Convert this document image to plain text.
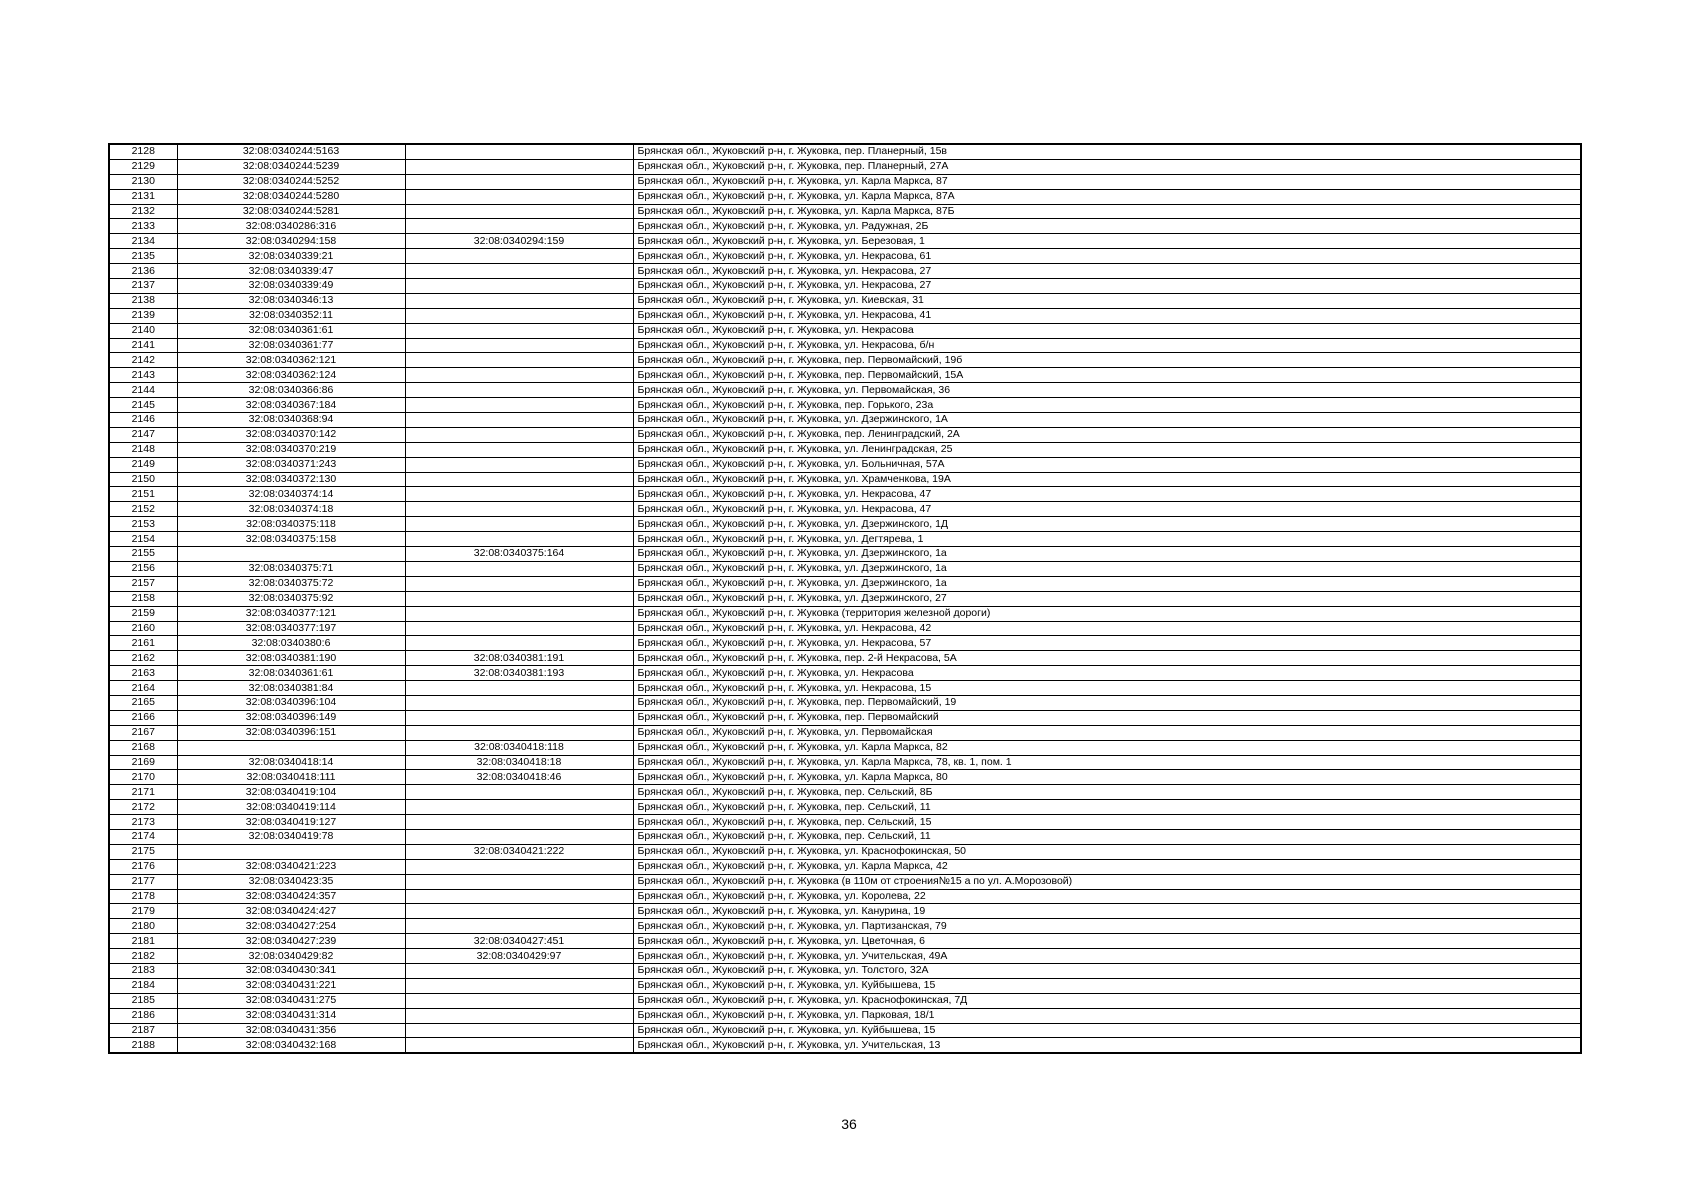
2128	32:08:0340244:5163		Брянская обл., Жуковский р-н, г. Жуковка, пер. Планерный, 15в
2129	32:08:0340244:5239		Брянская обл., Жуковский р-н, г. Жуковка, пер. Планерный, 27А
2130	32:08:0340244:5252		Брянская обл., Жуковский р-н, г. Жуковка, ул. Карла Маркса, 87
2131	32:08:0340244:5280		Брянская обл., Жуковский р-н, г. Жуковка, ул. Карла Маркса, 87А
2132	32:08:0340244:5281		Брянская обл., Жуковский р-н, г. Жуковка, ул. Карла Маркса, 87Б
2133	32:08:0340286:316		Брянская обл., Жуковский р-н, г. Жуковка, ул. Радужная, 2Б
2134	32:08:0340294:158	32:08:0340294:159	Брянская обл., Жуковский р-н, г. Жуковка, ул. Березовая, 1
2135	32:08:0340339:21		Брянская обл., Жуковский р-н, г. Жуковка, ул. Некрасова, 61
2136	32:08:0340339:47		Брянская обл., Жуковский р-н, г. Жуковка, ул. Некрасова, 27
2137	32:08:0340339:49		Брянская обл., Жуковский р-н, г. Жуковка, ул. Некрасова, 27
2138	32:08:0340346:13		Брянская обл., Жуковский р-н, г. Жуковка, ул. Киевская, 31
2139	32:08:0340352:11		Брянская обл., Жуковский р-н, г. Жуковка, ул. Некрасова, 41
2140	32:08:0340361:61		Брянская обл., Жуковский р-н, г. Жуковка, ул. Некрасова
2141	32:08:0340361:77		Брянская обл., Жуковский р-н, г. Жуковка, ул. Некрасова, б/н
2142	32:08:0340362:121		Брянская обл., Жуковский р-н, г. Жуковка, пер. Первомайский, 19б
2143	32:08:0340362:124		Брянская обл., Жуковский р-н, г. Жуковка, пер. Первомайский, 15А
2144	32:08:0340366:86		Брянская обл., Жуковский р-н, г. Жуковка, ул. Первомайская, 36
2145	32:08:0340367:184		Брянская обл., Жуковский р-н, г. Жуковка, пер. Горького, 23а
2146	32:08:0340368:94		Брянская обл., Жуковский р-н, г. Жуковка, ул. Дзержинского, 1А
2147	32:08:0340370:142		Брянская обл., Жуковский р-н, г. Жуковка, пер. Ленинградский, 2А
2148	32:08:0340370:219		Брянская обл., Жуковский р-н, г. Жуковка, ул. Ленинградская, 25
2149	32:08:0340371:243		Брянская обл., Жуковский р-н, г. Жуковка, ул. Больничная, 57А
2150	32:08:0340372:130		Брянская обл., Жуковский р-н, г. Жуковка, ул. Храмченкова, 19А
2151	32:08:0340374:14		Брянская обл., Жуковский р-н, г. Жуковка, ул. Некрасова, 47
2152	32:08:0340374:18		Брянская обл., Жуковский р-н, г. Жуковка, ул. Некрасова, 47
2153	32:08:0340375:118		Брянская обл., Жуковский р-н, г. Жуковка, ул. Дзержинского, 1Д
2154	32:08:0340375:158		Брянская обл., Жуковский р-н, г. Жуковка, ул. Дегтярева, 1
2155		32:08:0340375:164	Брянская обл., Жуковский р-н, г. Жуковка, ул. Дзержинского, 1а
2156	32:08:0340375:71		Брянская обл., Жуковский р-н, г. Жуковка, ул. Дзержинского, 1а
2157	32:08:0340375:72		Брянская обл., Жуковский р-н, г. Жуковка, ул. Дзержинского, 1а
2158	32:08:0340375:92		Брянская обл., Жуковский р-н, г. Жуковка, ул. Дзержинского, 27
2159	32:08:0340377:121		Брянская обл., Жуковский р-н, г. Жуковка (территория железной дороги)
2160	32:08:0340377:197		Брянская обл., Жуковский р-н, г. Жуковка, ул. Некрасова, 42
2161	32:08:0340380:6		Брянская обл., Жуковский р-н, г. Жуковка, ул. Некрасова, 57
2162	32:08:0340381:190	32:08:0340381:191	Брянская обл., Жуковский р-н, г. Жуковка, пер. 2-й Некрасова, 5А
2163	32:08:0340361:61	32:08:0340381:193	Брянская обл., Жуковский р-н, г. Жуковка, ул. Некрасова
2164	32:08:0340381:84		Брянская обл., Жуковский р-н, г. Жуковка, ул. Некрасова, 15
2165	32:08:0340396:104		Брянская обл., Жуковский р-н, г. Жуковка, пер. Первомайский, 19
2166	32:08:0340396:149		Брянская обл., Жуковский р-н, г. Жуковка, пер. Первомайский
2167	32:08:0340396:151		Брянская обл., Жуковский р-н, г. Жуковка, ул. Первомайская
2168		32:08:0340418:118	Брянская обл., Жуковский р-н, г. Жуковка, ул. Карла Маркса, 82
2169	32:08:0340418:14	32:08:0340418:18	Брянская обл., Жуковский р-н, г. Жуковка, ул. Карла Маркса, 78, кв. 1, пом. 1
2170	32:08:0340418:111	32:08:0340418:46	Брянская обл., Жуковский р-н, г. Жуковка, ул. Карла Маркса, 80
2171	32:08:0340419:104		Брянская обл., Жуковский р-н, г. Жуковка, пер. Сельский, 8Б
2172	32:08:0340419:114		Брянская обл., Жуковский р-н, г. Жуковка, пер. Сельский, 11
2173	32:08:0340419:127		Брянская обл., Жуковский р-н, г. Жуковка, пер. Сельский, 15
2174	32:08:0340419:78		Брянская обл., Жуковский р-н, г. Жуковка, пер. Сельский, 11
2175		32:08:0340421:222	Брянская обл., Жуковский р-н, г. Жуковка, ул. Краснофокинская, 50
2176	32:08:0340421:223		Брянская обл., Жуковский р-н, г. Жуковка, ул. Карла Маркса, 42
2177	32:08:0340423:35		Брянская обл., Жуковский р-н, г. Жуковка (в 110м от строения№15 а по ул. А.Морозовой)
2178	32:08:0340424:357		Брянская обл., Жуковский р-н, г. Жуковка, ул. Королева, 22
2179	32:08:0340424:427		Брянская обл., Жуковский р-н, г. Жуковка, ул. Канурина, 19
2180	32:08:0340427:254		Брянская обл., Жуковский р-н, г. Жуковка, ул. Партизанская, 79
2181	32:08:0340427:239	32:08:0340427:451	Брянская обл., Жуковский р-н, г. Жуковка, ул. Цветочная, 6
2182	32:08:0340429:82	32:08:0340429:97	Брянская обл., Жуковский р-н, г. Жуковка, ул. Учительская, 49А
2183	32:08:0340430:341		Брянская обл., Жуковский р-н, г. Жуковка, ул. Толстого, 32А
2184	32:08:0340431:221		Брянская обл., Жуковский р-н, г. Жуковка, ул. Куйбышева, 15
2185	32:08:0340431:275		Брянская обл., Жуковский р-н, г. Жуковка, ул. Краснофокинская, 7Д
2186	32:08:0340431:314		Брянская обл., Жуковский р-н, г. Жуковка, ул. Парковая, 18/1
2187	32:08:0340431:356		Брянская обл., Жуковский р-н, г. Жуковка, ул. Куйбышева, 15
2188	32:08:0340432:168		Брянская обл., Жуковский р-н, г. Жуковка, ул. Учительская, 13
36
